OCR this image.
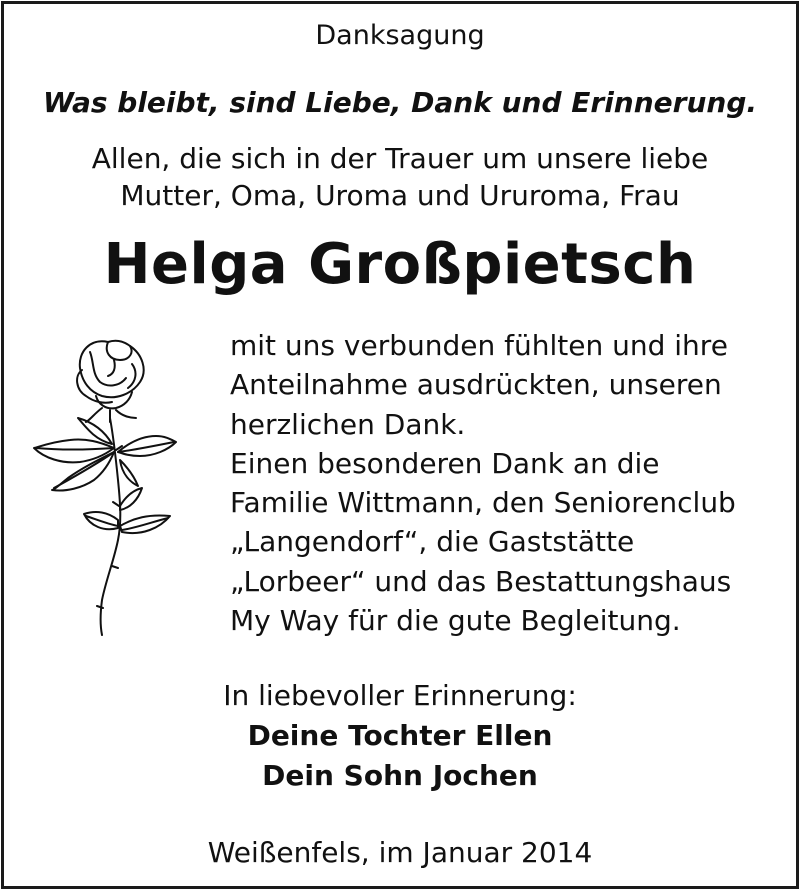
Danksagung
Was bleibt, sind Liebe, Dank und Erinnerung.
Allen, die sich in der Trauer um unsere liebe
Mutter, Oma, Uroma und Ururoma, Frau
Helga Großpietsch
mit uns verbunden fühlten und ihre
Anteilnahme ausdrückten, unseren
herzlichen Dank.
Einen besonderen Dank an die
Familie Wittmann, den Seniorenclub
„Langendorf“, die Gaststätte
„Lorbeer“ und das Bestattungshaus
My Way für die gute Begleitung.
In liebevoller Erinnerung:
Deine Tochter Ellen
Dein Sohn Jochen
Weißenfels, im Januar 2014
